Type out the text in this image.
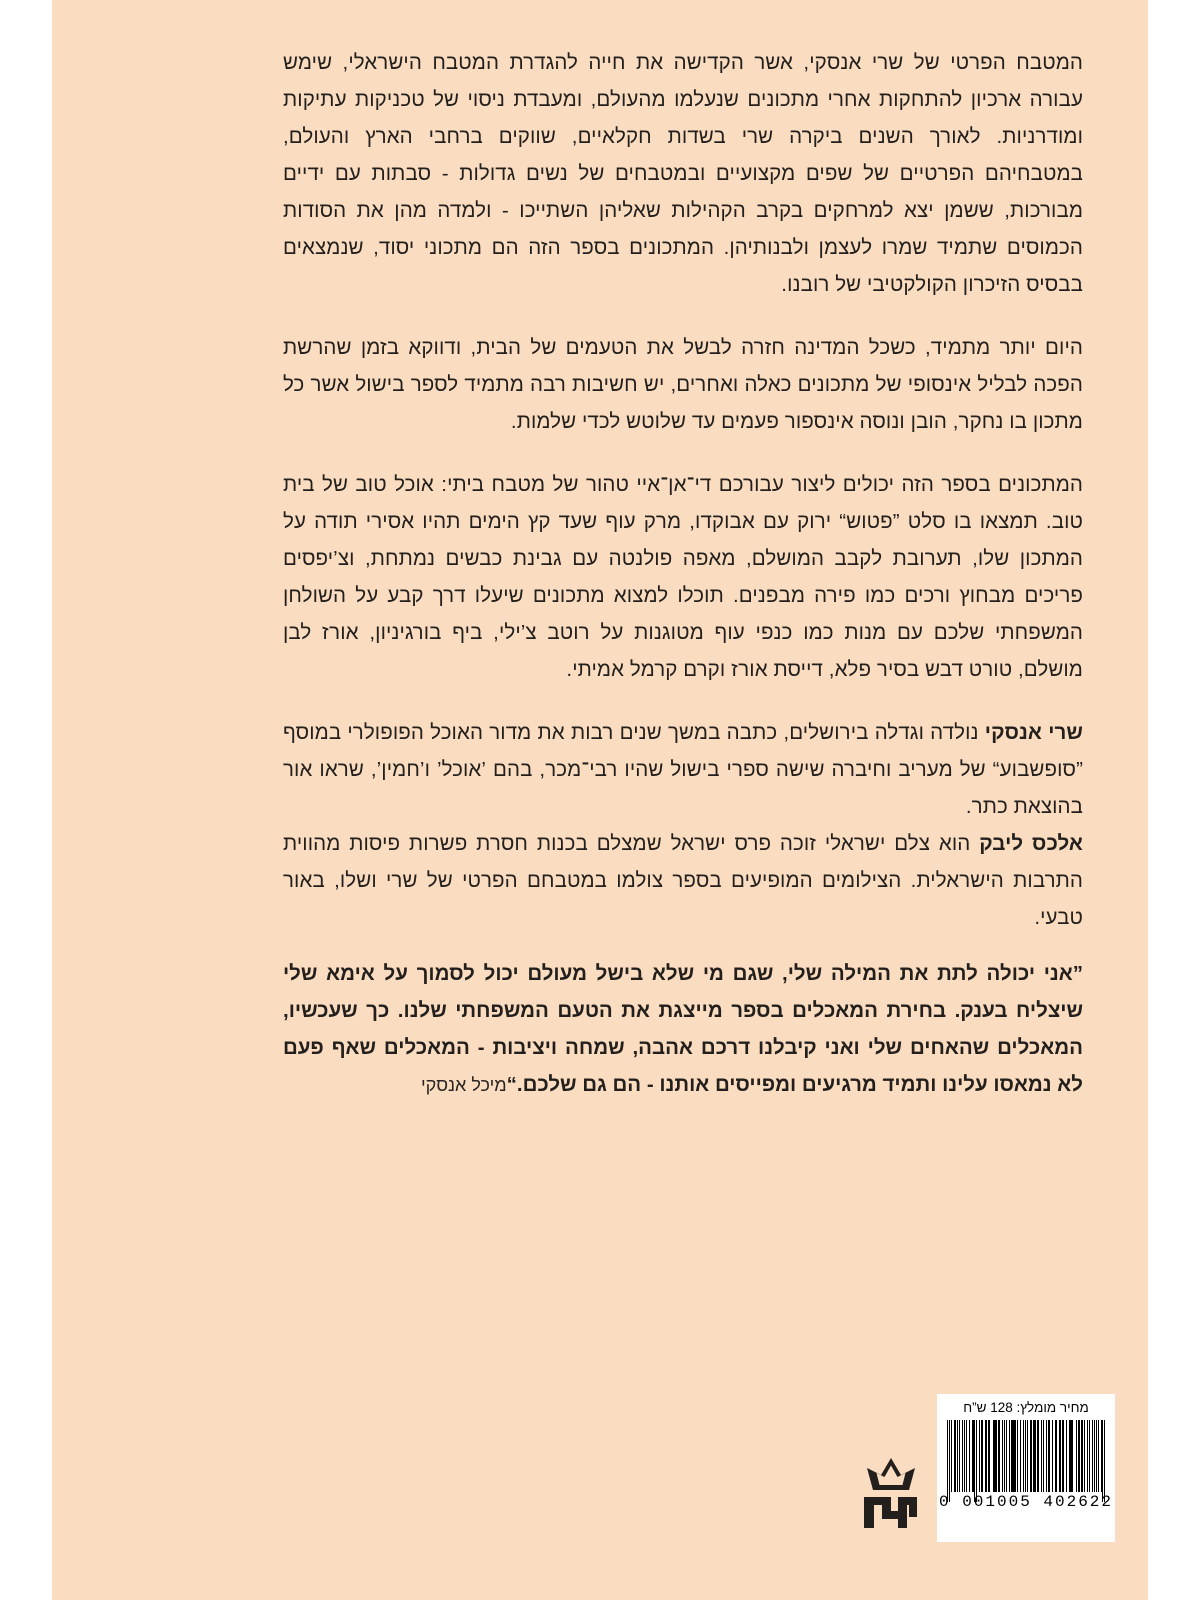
המטבח הפרטי של שרי אנסקי, אשר הקדישה את חייה להגדרת המטבח הישראלי, שימש עבורה ארכיון להתחקות אחרי מתכונים שנעלמו מהעולם, ומעבדת ניסוי של טכניקות עתיקות ומודרניות. לאורך השנים ביקרה שרי בשדות חקלאיים, שווקים ברחבי הארץ והעולם, במטבחיהם הפרטיים של שפים מקצועיים ובמטבחים של נשים גדולות - סבתות עם ידיים מבורכות, ששמן יצא למרחקים בקרב הקהילות שאליהן השתייכו - ולמדה מהן את הסודות הכמוסים שתמיד שמרו לעצמן ולבנותיהן. המתכונים בספר הזה הם מתכוני יסוד, שנמצאים בבסיס הזיכרון הקולקטיבי של רובנו.

היום יותר מתמיד, כשכל המדינה חזרה לבשל את הטעמים של הבית, ודווקא בזמן שהרשת הפכה לבליל אינסופי של מתכונים כאלה ואחרים, יש חשיבות רבה מתמיד לספר בישול אשר כל מתכון בו נחקר, הובן ונוסה אינספור פעמים עד שלוטש לכדי שלמות.

המתכונים בספר הזה יכולים ליצור עבורכם די־אן־איי טהור של מטבח ביתי: אוכל טוב של בית טוב. תמצאו בו סלט ”פטוש“ ירוק עם אבוקדו, מרק עוף שעד קץ הימים תהיו אסירי תודה על המתכון שלו, תערובת לקבב המושלם, מאפה פולנטה עם גבינת כבשים נמתחת, וצ’יפסים פריכים מבחוץ ורכים כמו פירה מבפנים. תוכלו למצוא מתכונים שיעלו דרך קבע על השולחן המשפחתי שלכם עם מנות כמו כנפי עוף מטוגנות על רוטב צ’ילי, ביף בורגיניון, אורז לבן מושלם, טורט דבש בסיר פלא, דייסת אורז וקרם קרמל אמיתי.

שרי אנסקי נולדה וגדלה בירושלים, כתבה במשך שנים רבות את מדור האוכל הפופולרי במוסף ”סופשבוע“ של מעריב וחיברה שישה ספרי בישול שהיו רבי־מכר, בהם ’אוכל’ ו’חמין’, שראו אור בהוצאת כתר.

אלכס ליבק הוא צלם ישראלי זוכה פרס ישראל שמצלם בכנות חסרת פשרות פיסות מהווית התרבות הישראלית. הצילומים המופיעים בספר צולמו במטבחם הפרטי של שרי ושלו, באור טבעי.

”אני יכולה לתת את המילה שלי, שגם מי שלא בישל מעולם יכול לסמוך על אימא שלי שיצליח בענק. בחירת המאכלים בספר מייצגת את הטעם המשפחתי שלנו. כך שעכשיו, המאכלים שהאחים שלי ואני קיבלנו דרכם אהבה, שמחה ויציבות - המאכלים שאף פעם לא נמאסו עלינו ותמיד מרגיעים ומפייסים אותנו - הם גם שלכם.“מיכל אנסקי
מחיר מומלץ: 128 ש”ח
0 001005 402622
